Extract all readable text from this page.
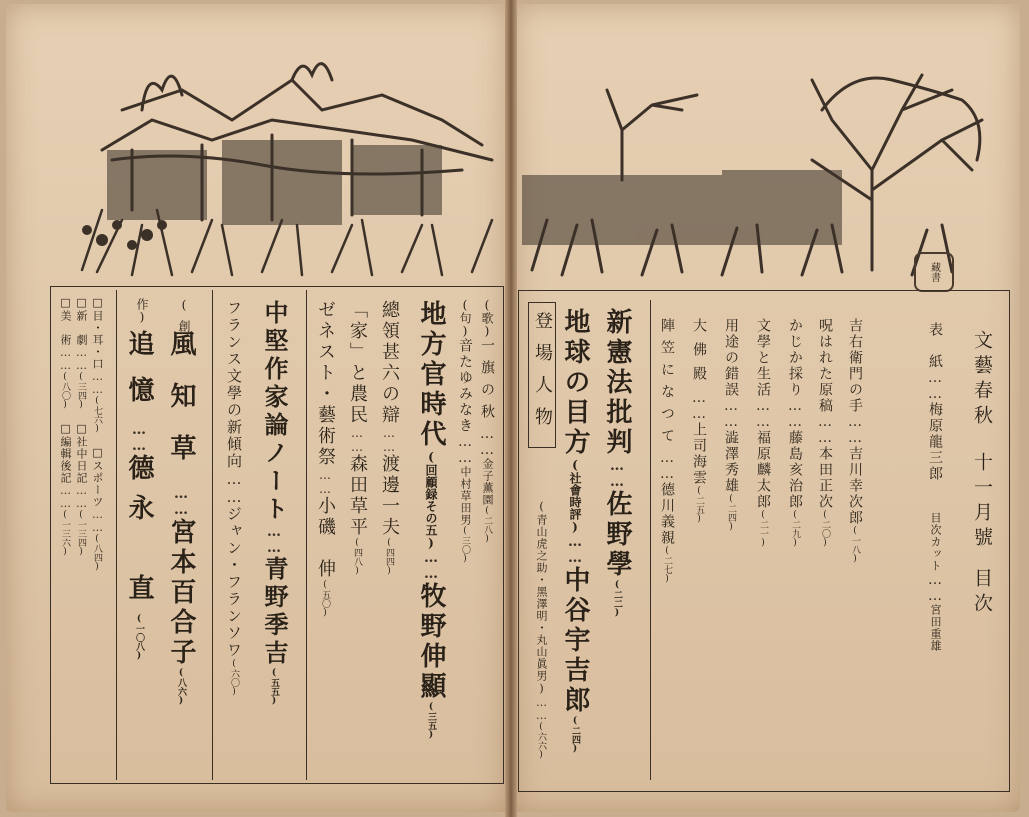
藏書
文藝春秋十一月號目次
表　紙……梅原龍三郎目次カット……宮田重雄
吉右衛門の手……吉川幸次郎(一八)
呪はれた原稿……本田正次(二〇)
かじか採り……藤島亥治郎(二九)
文學と生活……福原麟太郎(二一)
用途の錯誤……澁澤秀雄(二四)
大佛殿……上司海雲(二五)
陣笠になつて……德川義親(二七)
新憲法批判……佐野學(二二)
地球の目方(社會時評)……中谷宇吉郎(二四)
登場人物
(青山虎之助・黑澤明・丸山眞男)……(六六)
(歌)一旗の秋……金子薫園(二八)
(句)音たゆみなき……中村草田男(三〇)
地方官時代(回顧録その五)……牧野伸顯(三五)
總領甚六の辯……渡邊一夫(四四)
「家」と農民……森田草平(四八)
ゼネスト・藝術祭……小磯　伸(五〇)
中堅作家論ノート……青野季吉(五五)
フランス文學の新傾向……ジャン・フランソワ(六〇)
(創
風知草……宮本百合子(八六)
作)
追憶……德永　直(一〇八)
□目・耳・口……(七六)□スポーツ……(八四)
□新　劇……(三四)□社中日記……(一三四)
□美　術……(八〇)□編輯後記……(一三六)
